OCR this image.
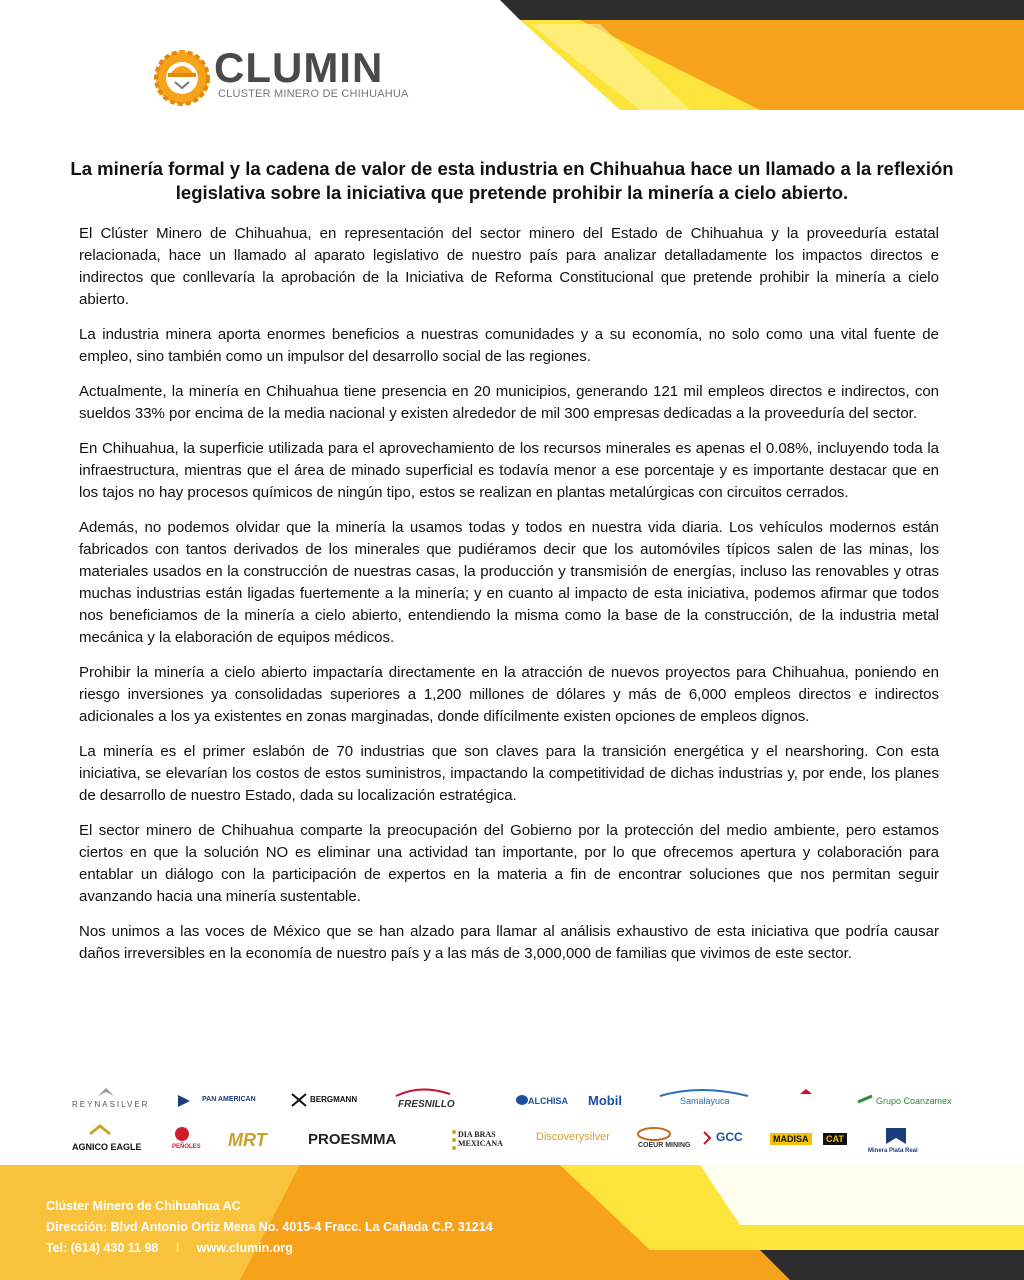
CLUMIN
CLUSTER MINERO DE CHIHUAHUA
La minería formal y la cadena de valor de esta industria en Chihuahua hace un llamado a la reflexión legislativa sobre la iniciativa que pretende prohibir la minería a cielo abierto.

El Clúster Minero de Chihuahua, en representación del sector minero del Estado de Chihuahua y la proveeduría estatal relacionada, hace un llamado al aparato legislativo de nuestro país para analizar detalladamente los impactos directos e indirectos que conllevaría la aprobación de la Iniciativa de Reforma Constitucional que pretende prohibir la minería a cielo abierto.

La industria minera aporta enormes beneficios a nuestras comunidades y a su economía, no solo como una vital fuente de empleo, sino también como un impulsor del desarrollo social de las regiones.

Actualmente, la minería en Chihuahua tiene presencia en 20 municipios, generando 121 mil empleos directos e indirectos, con sueldos 33% por encima de la media nacional y existen alrededor de mil 300 empresas dedicadas a la proveeduría del sector.

En Chihuahua, la superficie utilizada para el aprovechamiento de los recursos minerales es apenas el 0.08%, incluyendo toda la infraestructura, mientras que el área de minado superficial es todavía menor a ese porcentaje y es importante destacar que en los tajos no hay procesos químicos de ningún tipo, estos se realizan en plantas metalúrgicas con circuitos cerrados.

Además, no podemos olvidar que la minería la usamos todas y todos en nuestra vida diaria. Los vehículos modernos están fabricados con tantos derivados de los minerales que pudiéramos decir que los automóviles típicos salen de las minas, los materiales usados en la construcción de nuestras casas, la producción y transmisión de energías, incluso las renovables y otras muchas industrias están ligadas fuertemente a la minería; y en cuanto al impacto de esta iniciativa, podemos afirmar que todos nos beneficiamos de la minería a cielo abierto, entendiendo la misma como la base de la construcción, de la industria metal mecánica y la elaboración de equipos médicos.

Prohibir la minería a cielo abierto impactaría directamente en la atracción de nuevos proyectos para Chihuahua, poniendo en riesgo inversiones ya consolidadas superiores a 1,200 millones de dólares y más de 6,000 empleos directos e indirectos adicionales a los ya existentes en zonas marginadas, donde difícilmente existen opciones de empleos dignos.

La minería es el primer eslabón de 70 industrias que son claves para la transición energética y el nearshoring. Con esta iniciativa, se elevarían los costos de estos suministros, impactando la competitividad de dichas industrias y, por ende, los planes de desarrollo de nuestro Estado, dada su localización estratégica.

El sector minero de Chihuahua comparte la preocupación del Gobierno por la protección del medio ambiente, pero estamos ciertos en que la solución NO es eliminar una actividad tan importante, por lo que ofrecemos apertura y colaboración para entablar un diálogo con la participación de expertos en la materia a fin de encontrar soluciones que nos permitan seguir avanzando hacia una minería sustentable.

Nos unimos a las voces de México que se han alzado para llamar al análisis exhaustivo de esta iniciativa que podría causar daños irreversibles en la economía de nuestro país y a las más de 3,000,000 de familias que vivimos de este sector.

REYNASILVER
PAN AMERICAN	BERGMANN	FRESNILLO	ALCHISA Mobil	Samalayuca	Grupo Coanzamex
AGNICO EAGLE	PEÑOLES MRT	PROESMMA	DIA BRAS MEXICANA
Discoverysilver
COEUR MINING
GCC	MADISA	CAT
Minera Plata Real
Clúster Minero de Chihuahua AC
Dirección: Blvd Antonio Ortiz Mena No. 4015-4 Fracc. La Cañada C.P. 31214
Tel: (614) 430 11 98 I www.clumin.org
